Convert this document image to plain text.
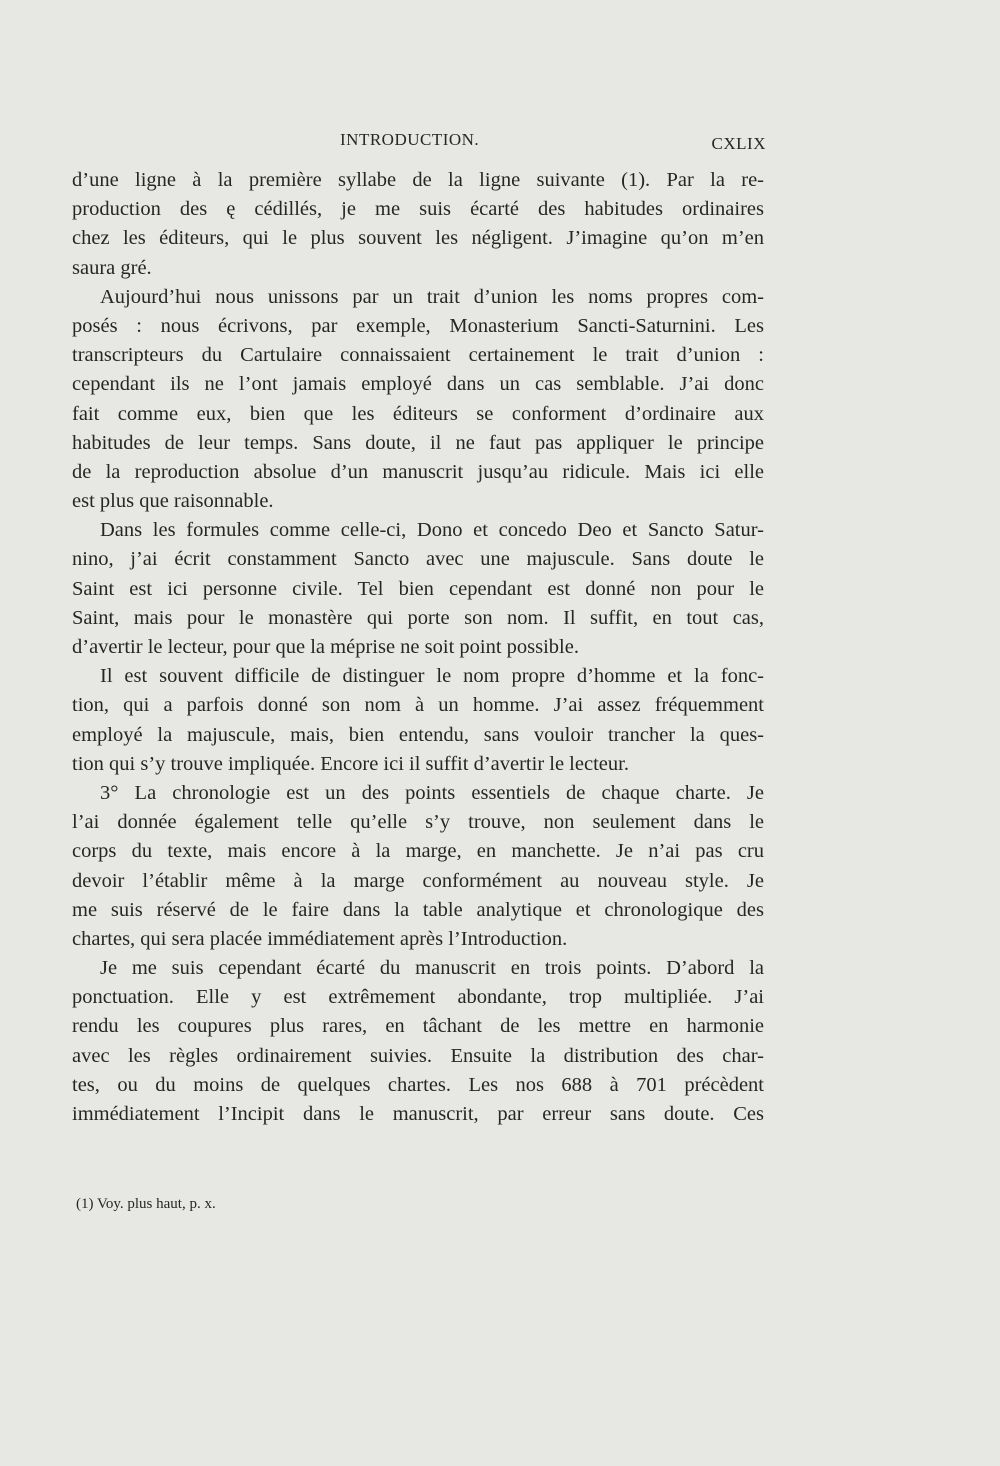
INTRODUCTION.	CXLIX
d’une ligne à la première syllabe de la ligne suivante (1). Par la re-
production des ę cédillés, je me suis écarté des habitudes ordinaires
chez les éditeurs, qui le plus souvent les négligent. J’imagine qu’on m’en
saura gré.
Aujourd’hui nous unissons par un trait d’union les noms propres com-
posés : nous écrivons, par exemple, Monasterium Sancti-Saturnini. Les
transcripteurs du Cartulaire connaissaient certainement le trait d’union :
cependant ils ne l’ont jamais employé dans un cas semblable. J’ai donc
fait comme eux, bien que les éditeurs se conforment d’ordinaire aux
habitudes de leur temps. Sans doute, il ne faut pas appliquer le principe
de la reproduction absolue d’un manuscrit jusqu’au ridicule. Mais ici elle
est plus que raisonnable.
Dans les formules comme celle-ci, Dono et concedo Deo et Sancto Satur-
nino, j’ai écrit constamment Sancto avec une majuscule. Sans doute le
Saint est ici personne civile. Tel bien cependant est donné non pour le
Saint, mais pour le monastère qui porte son nom. Il suffit, en tout cas,
d’avertir le lecteur, pour que la méprise ne soit point possible.
Il est souvent difficile de distinguer le nom propre d’homme et la fonc-
tion, qui a parfois donné son nom à un homme. J’ai assez fréquemment
employé la majuscule, mais, bien entendu, sans vouloir trancher la ques-
tion qui s’y trouve impliquée. Encore ici il suffit d’avertir le lecteur.
3° La chronologie est un des points essentiels de chaque charte. Je
l’ai donnée également telle qu’elle s’y trouve, non seulement dans le
corps du texte, mais encore à la marge, en manchette. Je n’ai pas cru
devoir l’établir même à la marge conformément au nouveau style. Je
me suis réservé de le faire dans la table analytique et chronologique des
chartes, qui sera placée immédiatement après l’Introduction.
Je me suis cependant écarté du manuscrit en trois points. D’abord la
ponctuation. Elle y est extrêmement abondante, trop multipliée. J’ai
rendu les coupures plus rares, en tâchant de les mettre en harmonie
avec les règles ordinairement suivies. Ensuite la distribution des char-
tes, ou du moins de quelques chartes. Les nos 688 à 701 précèdent
immédiatement l’Incipit dans le manuscrit, par erreur sans doute. Ces
(1) Voy. plus haut, p. x.
